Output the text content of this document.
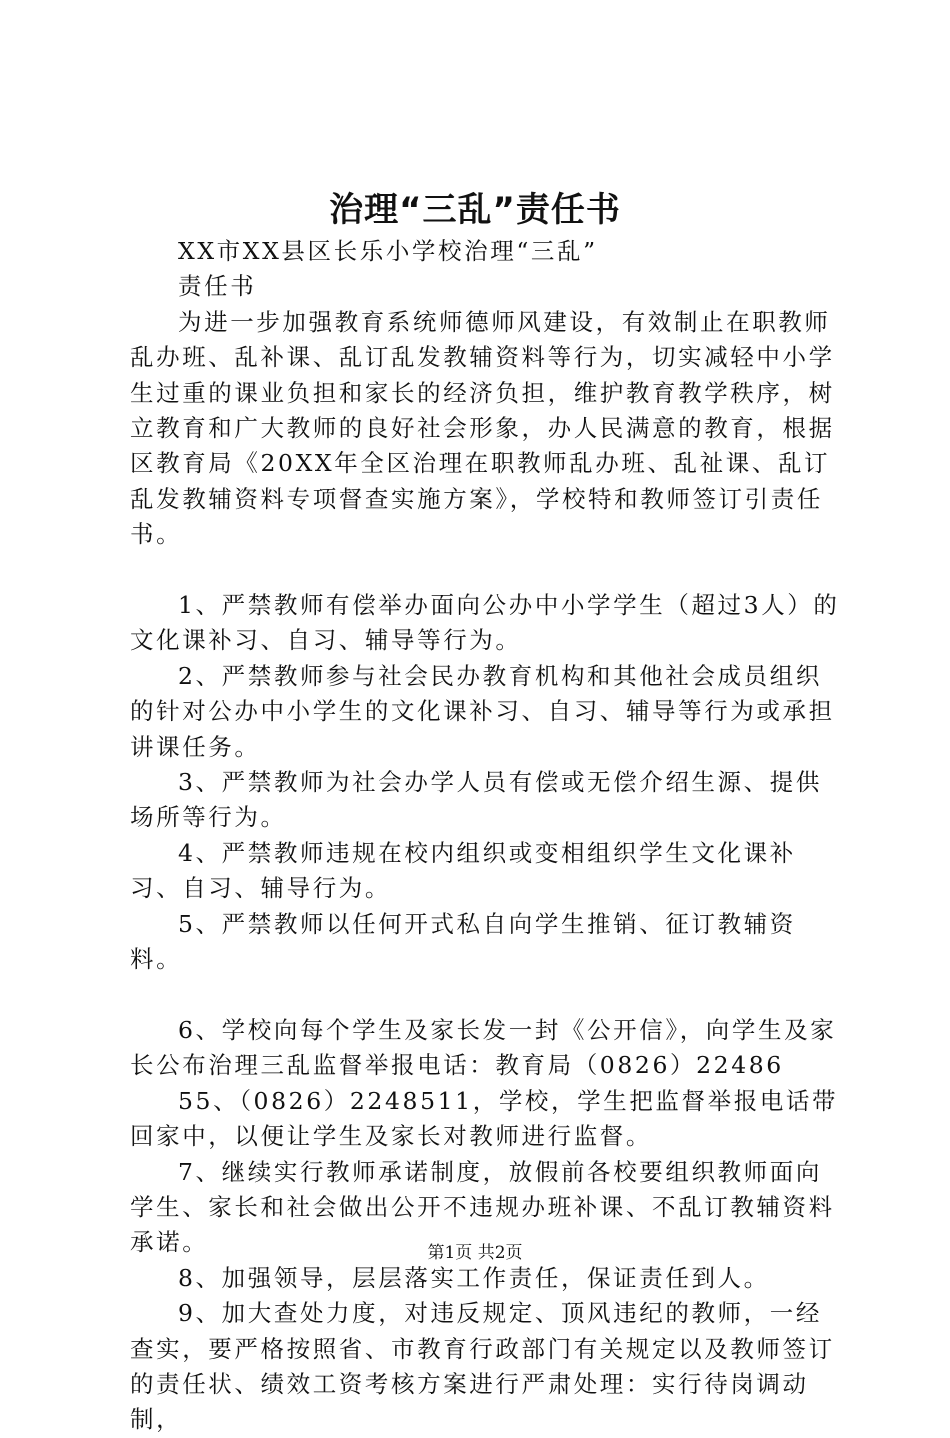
治理“三乱”责任书

XX市XX县区长乐小学校治理“三乱”

责任书

为进一步加强教育系统师德师风建设，有效制止在职教师乱办班、乱补课、乱订乱发教辅资料等行为，切实减轻中小学生过重的课业负担和家长的经济负担，维护教育教学秩序，树立教育和广大教师的良好社会形象，办人民满意的教育，根据区教育局《20XX年全区治理在职教师乱办班、乱祉课、乱订乱发教辅资料专项督查实施方案》，学校特和教师签订引责任书。

1、严禁教师有偿举办面向公办中小学学生（超过3人）的文化课补习、自习、辅导等行为。

2、严禁教师参与社会民办教育机构和其他社会成员组织的针对公办中小学生的文化课补习、自习、辅导等行为或承担讲课任务。

3、严禁教师为社会办学人员有偿或无偿介绍生源、提供场所等行为。

4、严禁教师违规在校内组织或变相组织学生文化课补习、自习、辅导行为。

5、严禁教师以任何开式私自向学生推销、征订教辅资料。

6、学校向每个学生及家长发一封《公开信》，向学生及家长公布治理三乱监督举报电话：教育局（0826）22486

55、（0826）2248511，学校，学生把监督举报电话带回家中，以便让学生及家长对教师进行监督。

7、继续实行教师承诺制度，放假前各校要组织教师面向学生、家长和社会做出公开不违规办班补课、不乱订教辅资料承诺。

8、加强领导，层层落实工作责任，保证责任到人。

9、加大查处力度，对违反规定、顶风违纪的教师，一经查实，要严格按照省、市教育行政部门有关规定以及教师签订的责任状、绩效工资考核方案进行严肃处理：实行待岗调动制，

第1页 共2页
